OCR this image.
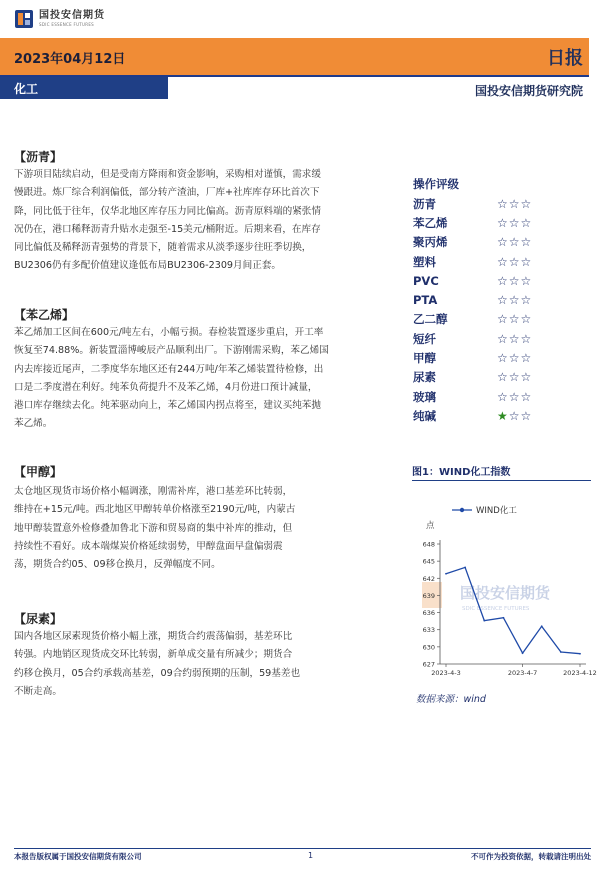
国投安信期货
SDIC ESSENCE FUTURES
2023年04月12日	日报
化工	国投安信期货研究院
【沥青】
下游项目陆续启动，但是受南方降雨和资金影响，采购相对谨慎，需求缓
慢跟进。炼厂综合利润偏低，部分转产渣油，厂库+社库库存环比首次下
降，同比低于往年，仅华北地区库存压力同比偏高。沥青原料端的紧张情
况仍在，港口稀释沥青升贴水走强至-15美元/桶附近。后期来看，在库存
同比偏低及稀释沥青强势的背景下，随着需求从淡季逐步往旺季切换，
BU2306仍有多配价值建议逢低布局BU2306-2309月间正套。
【苯乙烯】
苯乙烯加工区间在600元/吨左右，小幅亏损。春检装置逐步重启，开工率
恢复至74.88%。新装置淄博峻辰产品顺利出厂。下游刚需采购，苯乙烯国
内去库接近尾声，二季度华东地区还有244万吨/年苯乙烯装置待检修，出
口是二季度潜在利好。纯苯负荷提升不及苯乙烯，4月份进口预计减量，
港口库存继续去化。纯苯驱动向上，苯乙烯国内拐点将至，建议买纯苯抛
苯乙烯。
【甲醇】
太仓地区现货市场价格小幅调涨，刚需补库，港口基差环比转弱，
维持在+15元/吨。西北地区甲醇转单价格涨至2190元/吨，内蒙古
地甲醇装置意外检修叠加鲁北下游和贸易商的集中补库的推动，但
持续性不看好。成本端煤炭价格延续弱势，甲醇盘面早盘偏弱震
荡，期货合约05、09移仓换月，反弹幅度不同。
【尿素】
国内各地区尿素现货价格小幅上涨，期货合约震荡偏弱，基差环比
转强。内地销区现货成交环比转弱，新单成交量有所减少；期货合
约移仓换月，05合约承载高基差，09合约弱预期的压制，59基差也
不断走高。
操作评级
沥青	☆☆☆
苯乙烯	☆☆☆
聚丙烯	☆☆☆
塑料	☆☆☆
PVC	☆☆☆
PTA	☆☆☆
乙二醇	☆☆☆
短纤	☆☆☆
甲醇	☆☆☆
尿素	☆☆☆
玻璃	☆☆☆
纯碱	★☆☆
图1：WIND化工指数
国投安信期货
SDIC ESSENCE FUTURES
WIND化工
点
627
630
633
636
639
642
645
648
2023-4-3	2023-4-7	2023-4-12
数据来源：wind
本报告版权属于国投安信期货有限公司	1	不可作为投资依据，转载请注明出处
